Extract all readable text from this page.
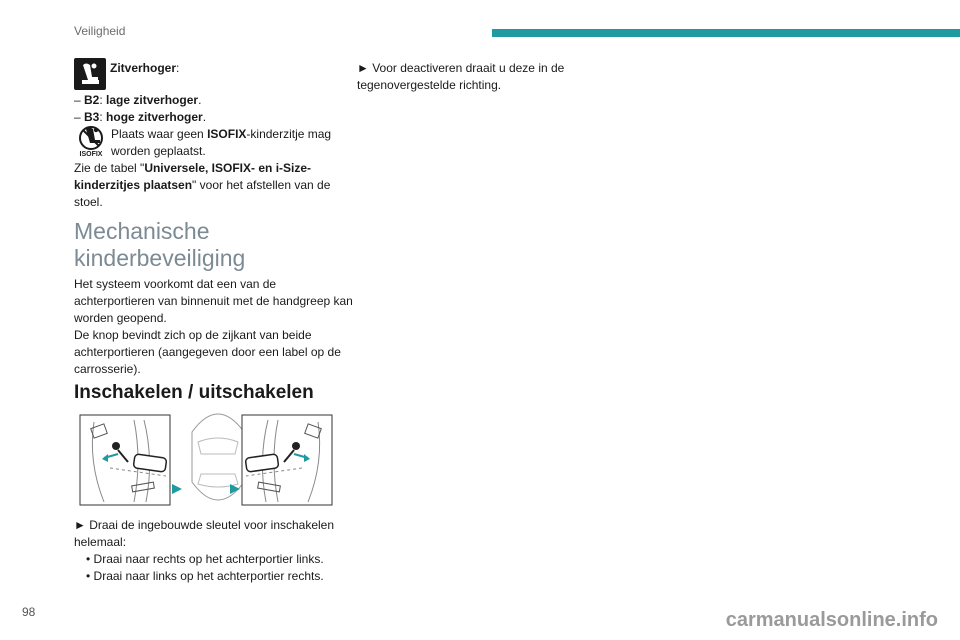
Veiligheid
Zitverhoger:
– B2: lage zitverhoger.
– B3: hoge zitverhoger.
ISOFIX
Plaats waar geen ISOFIX-kinderzitje mag
worden geplaatst.
Zie de tabel "Universele, ISOFIX- en i-Size-
kinderzitjes plaatsen" voor het afstellen van de
stoel.
Mechanische
kinderbeveiliging

Het systeem voorkomt dat een van de

achterportieren van binnenuit met de handgreep kan

worden geopend.

De knop bevindt zich op de zijkant van beide

achterportieren (aangegeven door een label op de

carrosserie).

Inschakelen / uitschakelen

► Draai de ingebouwde sleutel voor inschakelen

helemaal:

• Draai naar rechts op het achterportier links.
• Draai naar links op het achterportier rechts.

► Voor deactiveren draait u deze in de

tegenovergestelde richting.

98	carmanualsonline.info
